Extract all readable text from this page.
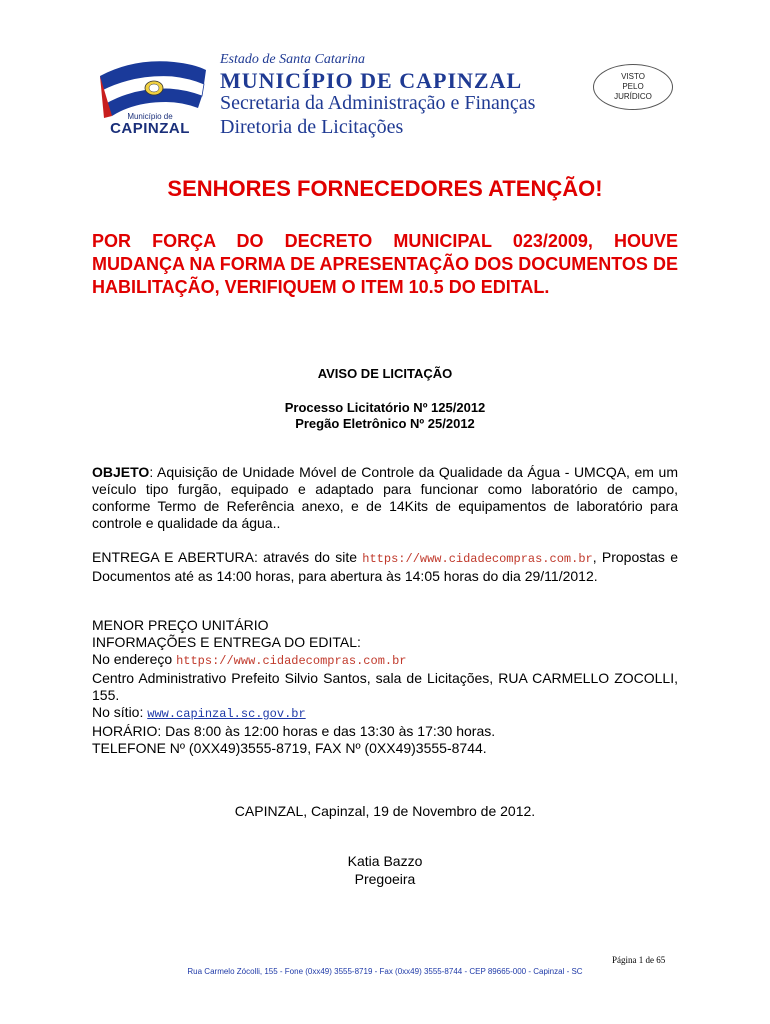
Município de
CAPINZAL
Estado de Santa Catarina
MUNICÍPIO DE CAPINZAL
Secretaria da Administração e Finanças
Diretoria de Licitações
VISTO
PELO
JURÍDICO
SENHORES FORNECEDORES ATENÇÃO!
POR FORÇA DO DECRETO MUNICIPAL 023/2009, HOUVE MUDANÇA NA FORMA DE APRESENTAÇÃO DOS DOCUMENTOS DE HABILITAÇÃO, VERIFIQUEM O ITEM 10.5 DO EDITAL.
AVISO DE LICITAÇÃO
Processo Licitatório Nº 125/2012
Pregão Eletrônico Nº 25/2012
OBJETO: Aquisição de Unidade Móvel de Controle da Qualidade da Água - UMCQA, em um veículo tipo furgão, equipado e adaptado para funcionar como laboratório de campo, conforme Termo de Referência anexo, e de 14Kits de equipamentos de laboratório para controle e qualidade da água..
ENTREGA E ABERTURA: através do site https://www.cidadecompras.com.br, Propostas e Documentos até as 14:00 horas, para abertura às 14:05 horas do dia 29/11/2012.
MENOR PREÇO UNITÁRIO
INFORMAÇÕES E ENTREGA DO EDITAL:
No endereço https://www.cidadecompras.com.br
Centro Administrativo Prefeito Silvio Santos, sala de Licitações, RUA CARMELLO ZOCOLLI, 155.
No sítio: www.capinzal.sc.gov.br
HORÁRIO: Das 8:00 às 12:00 horas e das 13:30 às 17:30 horas.
TELEFONE Nº (0XX49)3555-8719, FAX Nº (0XX49)3555-8744.
CAPINZAL, Capinzal, 19 de Novembro de 2012.
Katia Bazzo
Pregoeira
Página 1 de 65
Rua Carmelo Zócolli, 155 - Fone (0xx49) 3555-8719 - Fax (0xx49) 3555-8744 - CEP 89665-000 - Capinzal - SC
